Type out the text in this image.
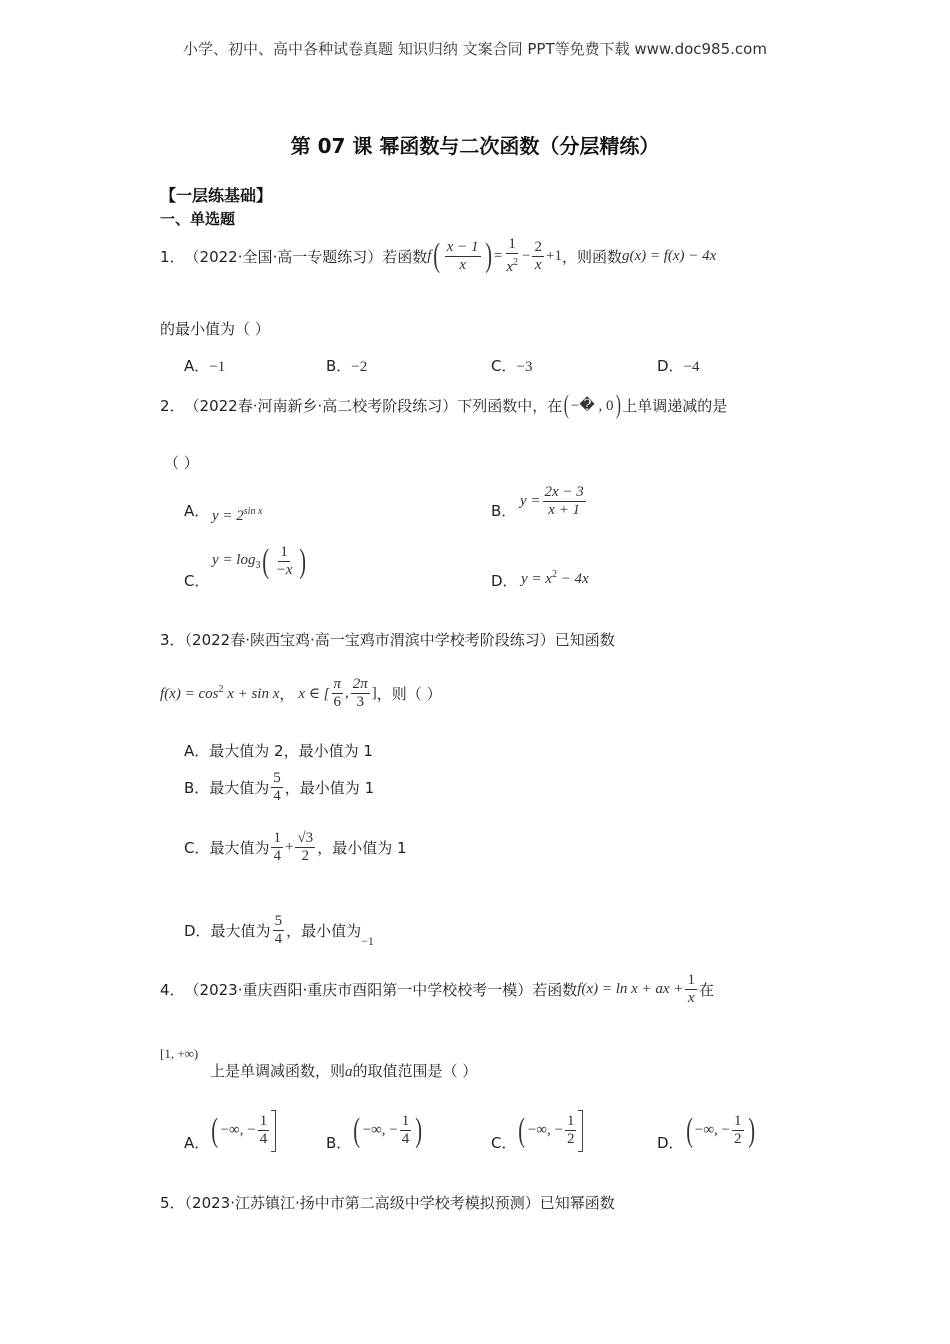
小学、初中、高中各种试卷真题 知识归纳 文案合同 PPT等免费下载 www.doc985.com
第 07 课 幂函数与二次函数（分层精练）
【一层练基础】
一、单选题
1． （2022·全国·高一专题练习）若函数 f ( $\frac{x - 1}{x}$ ) = $\frac{1}{x^2} - \frac{2}{x} +1$ ，则函数 g(x) = f(x) − 4x
的最小值为（ ）
A．−1	B．−2	C．−3	D．−4
2． （2022春·河南新乡·高二校考阶段练习）下列函数中，在 ( −� , 0 ) 上单调递减的是
（ ）
A． $y = 2^{sin x}$	B．
$y = \frac{2x - 3}{x + 1}$
C．
$y = \log_3$ ( $\frac{1}{-x}$ )
D． $y = x^2 - 4x$
3．（2022春·陕西宝鸡·高一宝鸡市渭滨中学校考阶段练习）已知函数
$f(x) = \cos^2 x + \sin x$ ， x ∈ [ $\frac{\pi}{6}$ , $\frac{2\pi}{3}$ ] ，则（ ）
A．最大值为 2，最小值为 1
B．最大值为 $\frac{5}{4}$ ，最小值为 1
C．最大值为 $\frac{1}{4} + \frac{√3}{2}$ ，最小值为 1
D．最大值为 $\frac{5}{4}$ ，最小值为
−1
4． （2023·重庆酉阳·重庆市酉阳第一中学校校考一模）若函数 f(x) = ln x + ax + $\frac{1}{x}$ 在
[1, +∞)
上是单调减函数，则a的取值范围是（ ）
A． ( −∞, − $\frac{1}{4}$	B． ( −∞, − $\frac{1}{4}$ )	C． ( −∞, − $\frac{1}{2}$	D． ( −∞, − $\frac{1}{2}$ )
5．（2023·江苏镇江·扬中市第二高级中学校考模拟预测）已知幂函数
